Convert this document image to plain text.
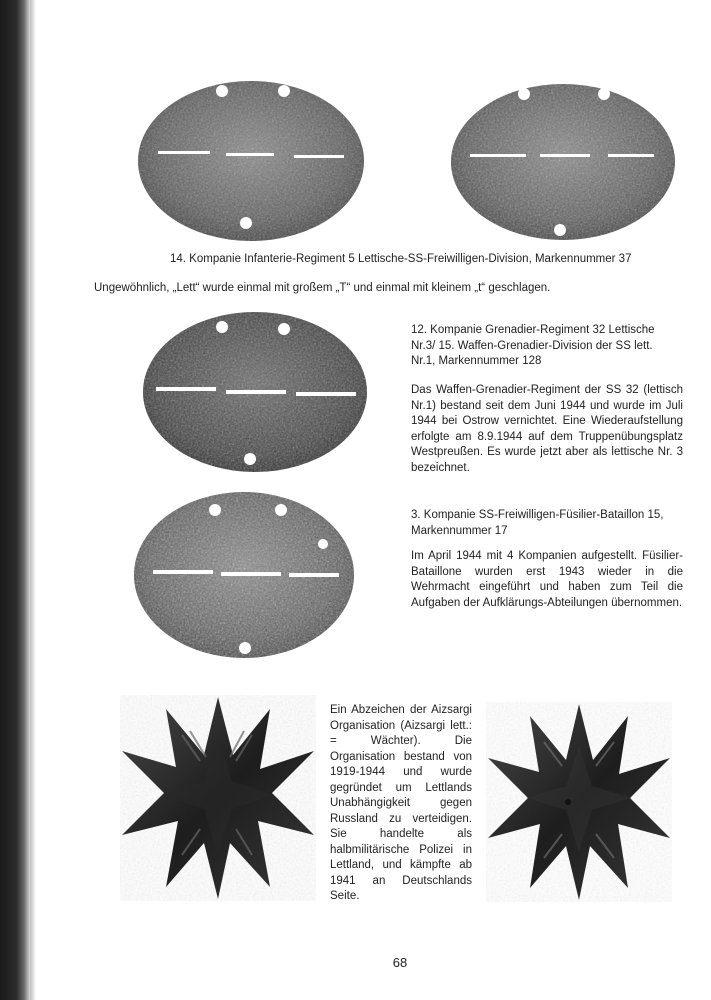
14. Kompanie Infanterie-Regiment 5 Lettische-SS-Freiwilligen-Division, Markennummer 37

Ungewöhnlich, „Lett“ wurde einmal mit großem „T“ und einmal mit kleinem „t“ geschlagen.

12. Kompanie Grenadier-Regiment 32 Lettische Nr.3/ 15. Waffen-Grenadier-Division der SS lett. Nr.1, Markennummer 128

Das Waffen-Grenadier-Regiment der SS 32 (lettisch Nr.1) bestand seit dem Juni 1944 und wurde im Juli 1944 bei Ostrow vernichtet. Eine Wiederaufstellung erfolgte am 8.9.1944 auf dem Truppenübungsplatz Westpreußen. Es wurde jetzt aber als lettische Nr. 3 bezeichnet.

3. Kompanie SS-Freiwilligen-Füsilier-Bataillon 15, Markennummer 17

Im April 1944 mit 4 Kompanien aufgestellt. Füsilier-Bataillone wurden erst 1943 wieder in die Wehrmacht eingeführt und haben zum Teil die Aufgaben der Aufklärungs-Abteilungen übernommen.

Ein Abzeichen der Aizsargi Organisation (Aizsargi lett.: = Wächter). Die Organisation bestand von 1919-1944 und wurde gegründet um Lettlands Unabhängigkeit gegen Russland zu verteidigen. Sie handelte als halbmilitärische Polizei in Lettland, und kämpfte ab 1941 an Deutschlands Seite.

68
